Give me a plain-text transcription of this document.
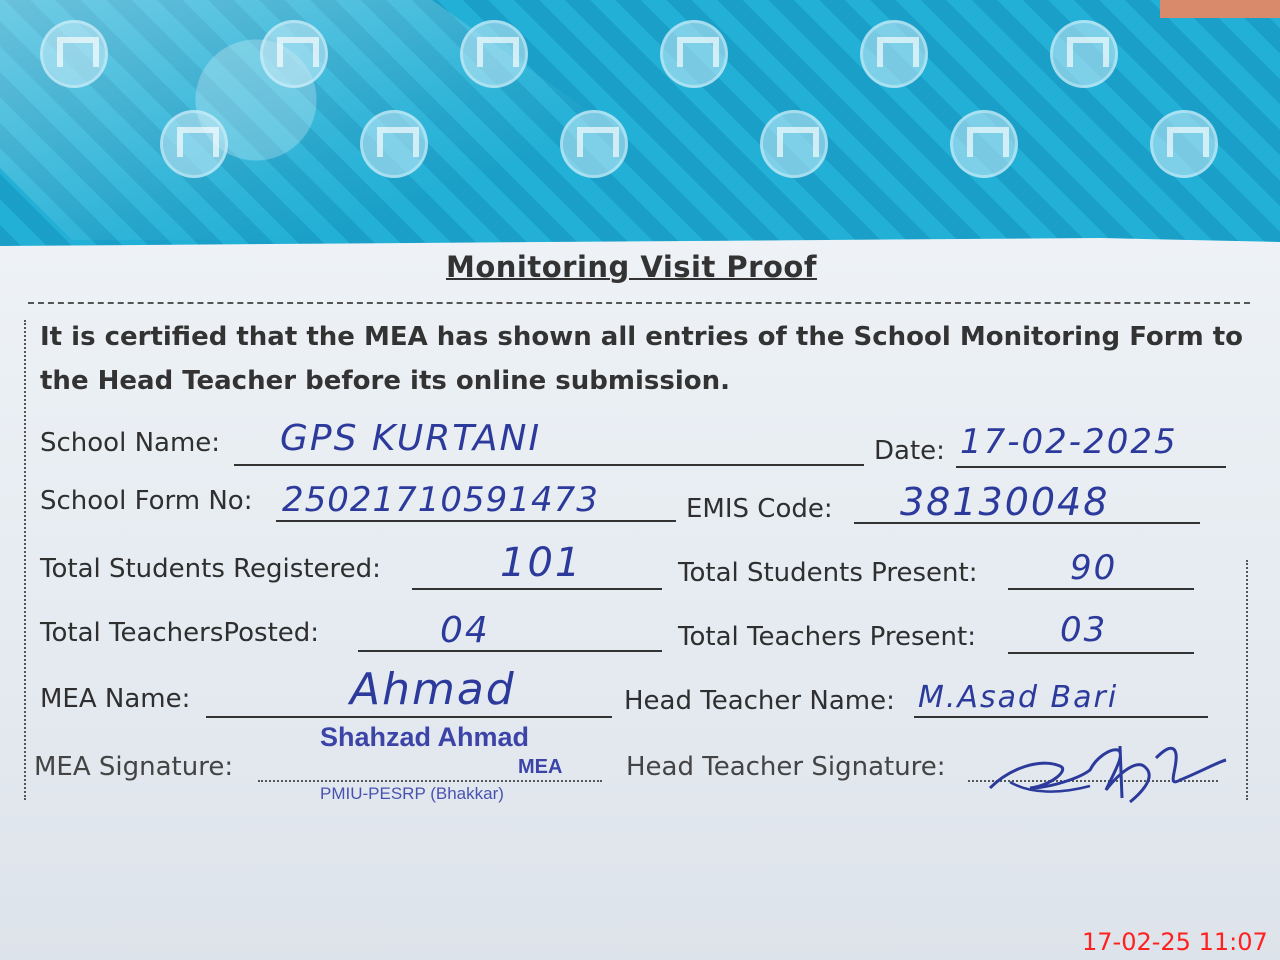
Monitoring Visit Proof
It is certified that the MEA has shown all entries of the School Monitoring Form to
the Head Teacher before its online submission.
School Name: GPS KURTANI	Date: 17-02-2025
School Form No: 25021710591473	EMIS Code: 38130048
Total Students Registered:	101	Total Students Present:	90
Total TeachersPosted:	04	Total Teachers Present: 03
MEA Name:	Ahmad	Head Teacher Name: M.Asad Bari
MEA Signature:
Shahzad Ahmad
MEA
PMIU-PESRP (Bhakkar)
Head Teacher Signature:
17-02-25 11:07
